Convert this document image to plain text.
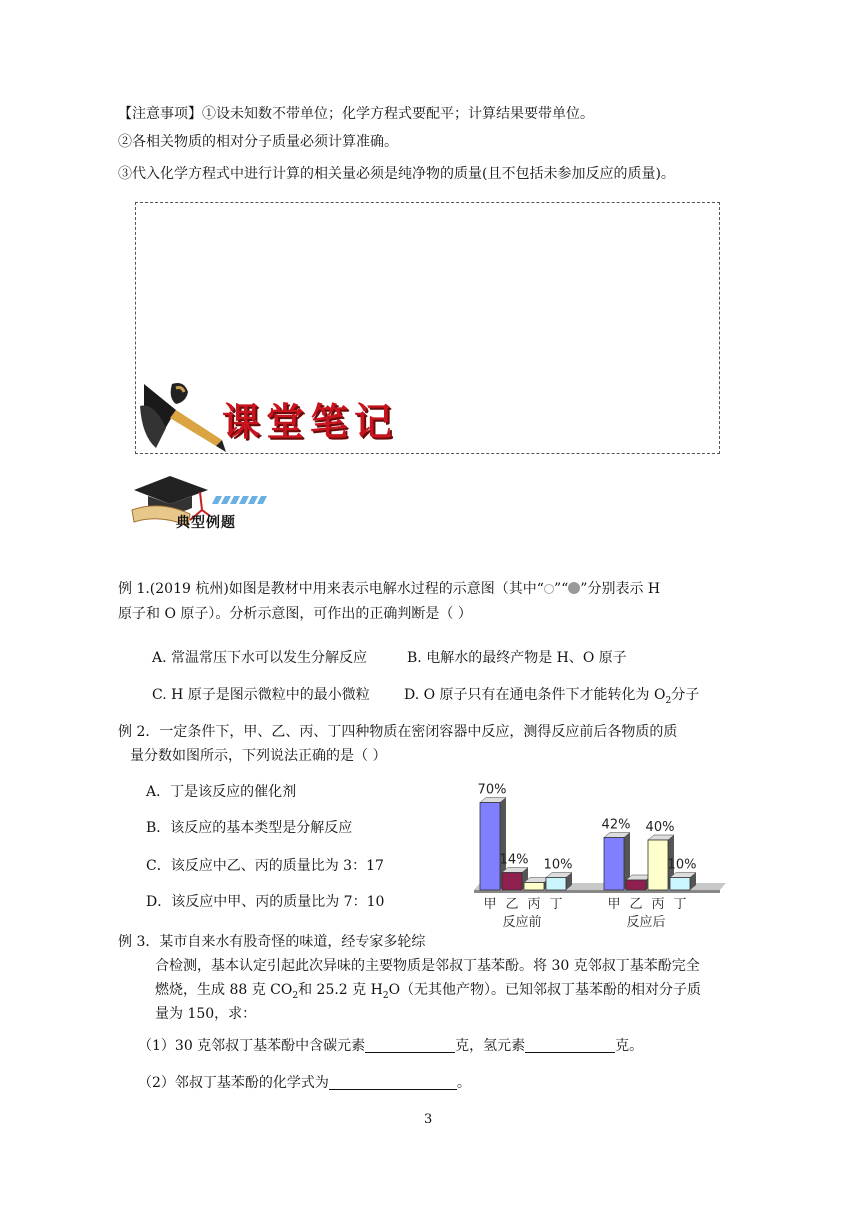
【注意事项】①设未知数不带单位；化学方程式要配平；计算结果要带单位。
②各相关物质的相对分子质量必须计算准确。
③代入化学方程式中进行计算的相关量必须是纯净物的质量(且不包括未参加反应的质量)。
课堂笔记
典型例题
例 1.(2019 杭州)如图是教材中用来表示电解水过程的示意图（其中“ ”“ ”分别表示 H
原子和 O 原子）。分析示意图，可作出的正确判断是（ ）
A. 常温常压下水可以发生分解反应	B. 电解水的最终产物是 H、O 原子
C. H 原子是图示微粒中的最小微粒 D. O 原子只有在通电条件下才能转化为 $O_2$分子
例 2．一定条件下，甲、乙、丙、丁四种物质在密闭容器中反应，测得反应前后各物质的质
量分数如图所示，下列说法正确的是（ ）
A．丁是该反应的催化剂
B．该反应的基本类型是分解反应
C．该反应中乙、丙的质量比为 3：17
D．该反应中甲、丙的质量比为 7：10
70%
甲
14%
乙 丙
10%
丁
反应前
42%
甲 乙
40%
丙
10%
丁
反应后
例 3．某市自来水有股奇怪的味道，经专家多轮综
合检测，基本认定引起此次异味的主要物质是邻叔丁基苯酚。将 30 克邻叔丁基苯酚完全
燃烧，生成 88 克 $CO_2$和 25.2 克 $H_2O$（无其他产物）。已知邻叔丁基苯酚的相对分子质
量为 150，求：
（1）30 克邻叔丁基苯酚中含碳元素	克，氢元素	克。
（2）邻叔丁基苯酚的化学式为	。
3
